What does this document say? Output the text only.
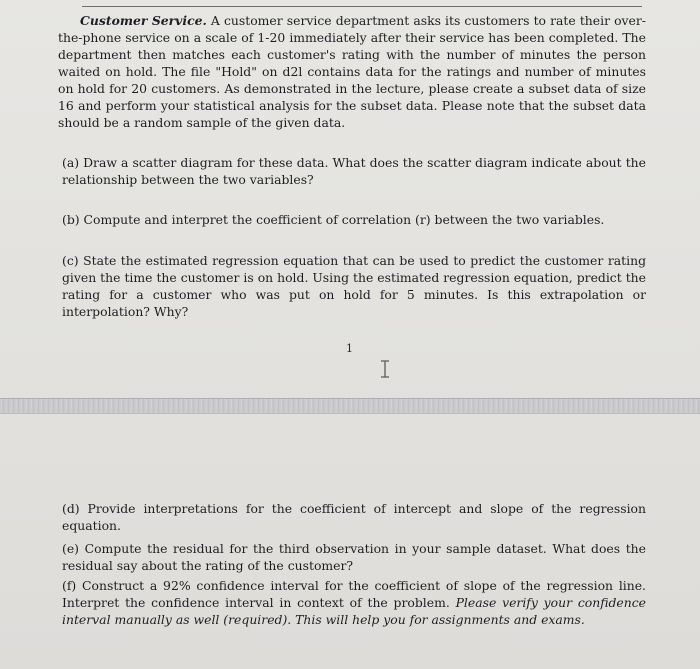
Customer Service. A customer service department asks its customers to rate their over-the-phone service on a scale of 1-20 immediately after their service has been completed. The department then matches each customer's rating with the number of minutes the person waited on hold. The file "Hold" on d2l contains data for the ratings and number of minutes on hold for 20 customers. As demonstrated in the lecture, please create a subset data of size 16 and perform your statistical analysis for the subset data. Please note that the subset data should be a random sample of the given data.

(a) Draw a scatter diagram for these data. What does the scatter diagram indicate about the relationship between the two variables?

(b) Compute and interpret the coefficient of correlation (r) between the two variables.

(c) State the estimated regression equation that can be used to predict the customer rating given the time the customer is on hold. Using the estimated regression equation, predict the rating for a customer who was put on hold for 5 minutes. Is this extrapolation or interpolation? Why?

1

(d) Provide interpretations for the coefficient of intercept and slope of the regression equation.

(e) Compute the residual for the third observation in your sample dataset. What does the residual say about the rating of the customer?

(f) Construct a 92% confidence interval for the coefficient of slope of the regression line. Interpret the confidence interval in context of the problem. Please verify your confidence interval manually as well (required). This will help you for assignments and exams.
